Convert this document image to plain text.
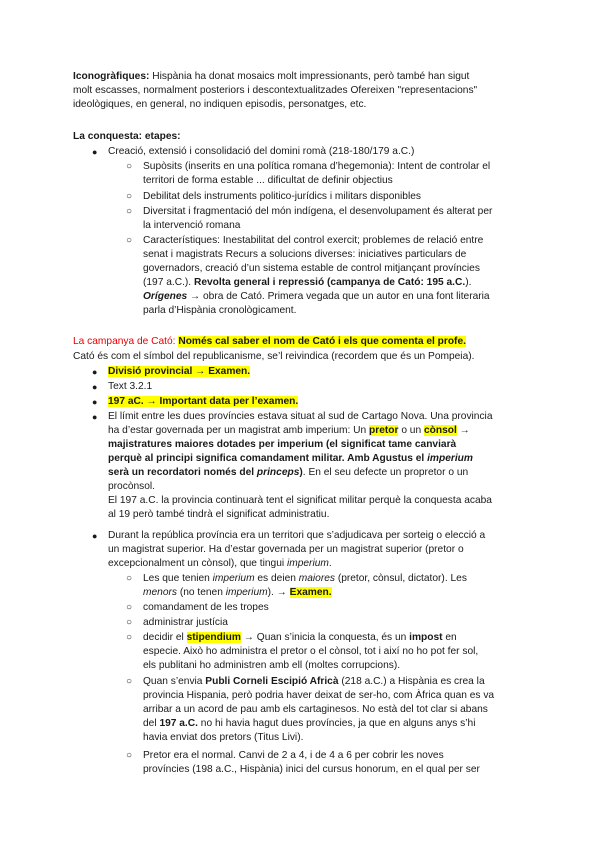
Iconogràfiques: Hispània ha donat mosaics molt impressionants, però també han sigut
molt escasses, normalment posteriors i descontextualitzades Ofereixen "representacions"
ideològiques, en general, no indiquen episodis, personatges, etc.
La conquesta: etapes:
● Creació, extensió i consolidació del domini romà (218-180/179 a.C.)
○ Supòsits (inserits en una política romana d’hegemonia): Intent de controlar el
territori de forma estable ... dificultat de definir objectius
○ Debilitat dels instruments politico-jurídics i militars disponibles
○ Diversitat i fragmentació del món indígena, el desenvolupament és alterat per
la intervenció romana
○ Característiques: Inestabilitat del control exercit; problemes de relació entre
senat i magistrats Recurs a solucions diverses: iniciatives particulars de
governadors, creació d’un sistema estable de control mitjançant províncies
(197 a.C.). Revolta general i repressió (campanya de Cató: 195 a.C.).
Orígenes → obra de Cató. Primera vegada que un autor en una font literaria
parla d’Hispània cronològicament.
La campanya de Cató: Només cal saber el nom de Cató i els que comenta el profe.
Cató és com el símbol del republicanisme, se’l reivindica (recordem que és un Pompeia).
● Divisió provincial → Examen.
● Text 3.2.1
● 197 aC. → Important data per l’examen.
● El límit entre les dues províncies estava situat al sud de Cartago Nova. Una provincia
ha d’estar governada per un magistrat amb imperium: Un pretor o un cònsol →
majistratures maiores dotades per imperium (el significat tame canviarà
perquè al principi significa comandament militar. Amb Agustus el imperium
serà un recordatori només del princeps). En el seu defecte un propretor o un
procònsol.
El 197 a.C. la provincia continuarà tent el significat militar perquè la conquesta acaba
al 19 però també tindrà el significat administratiu.
● Durant la república província era un territori que s’adjudicava per sorteig o elecció a
un magistrat superior. Ha d’estar governada per un magistrat superior (pretor o
excepcionalment un cònsol), que tingui imperium.
○ Les que tenien imperium es deien maiores (pretor, cònsul, dictator). Les
menors (no tenen imperium). → Examen.
○ comandament de les tropes
○ administrar justícia
○ decidir el stipendium → Quan s’inicia la conquesta, és un impost en
especie. Això ho administra el pretor o el cònsol, tot i així no ho pot fer sol,
els publitani ho administren amb ell (moltes corrupcions).
○ Quan s’envia Publi Corneli Escipió Africà (218 a.C.) a Hispània es crea la
provincia Hispania, però podria haver deixat de ser-ho, com Àfrica quan es va
arribar a un acord de pau amb els cartaginesos. No està del tot clar si abans
del 197 a.C. no hi havia hagut dues províncies, ja que en alguns anys s’hi
havia enviat dos pretors (Titus Livi).
○ Pretor era el normal. Canvi de 2 a 4, i de 4 a 6 per cobrir les noves
províncies (198 a.C., Hispània) inici del cursus honorum, en el qual per ser
